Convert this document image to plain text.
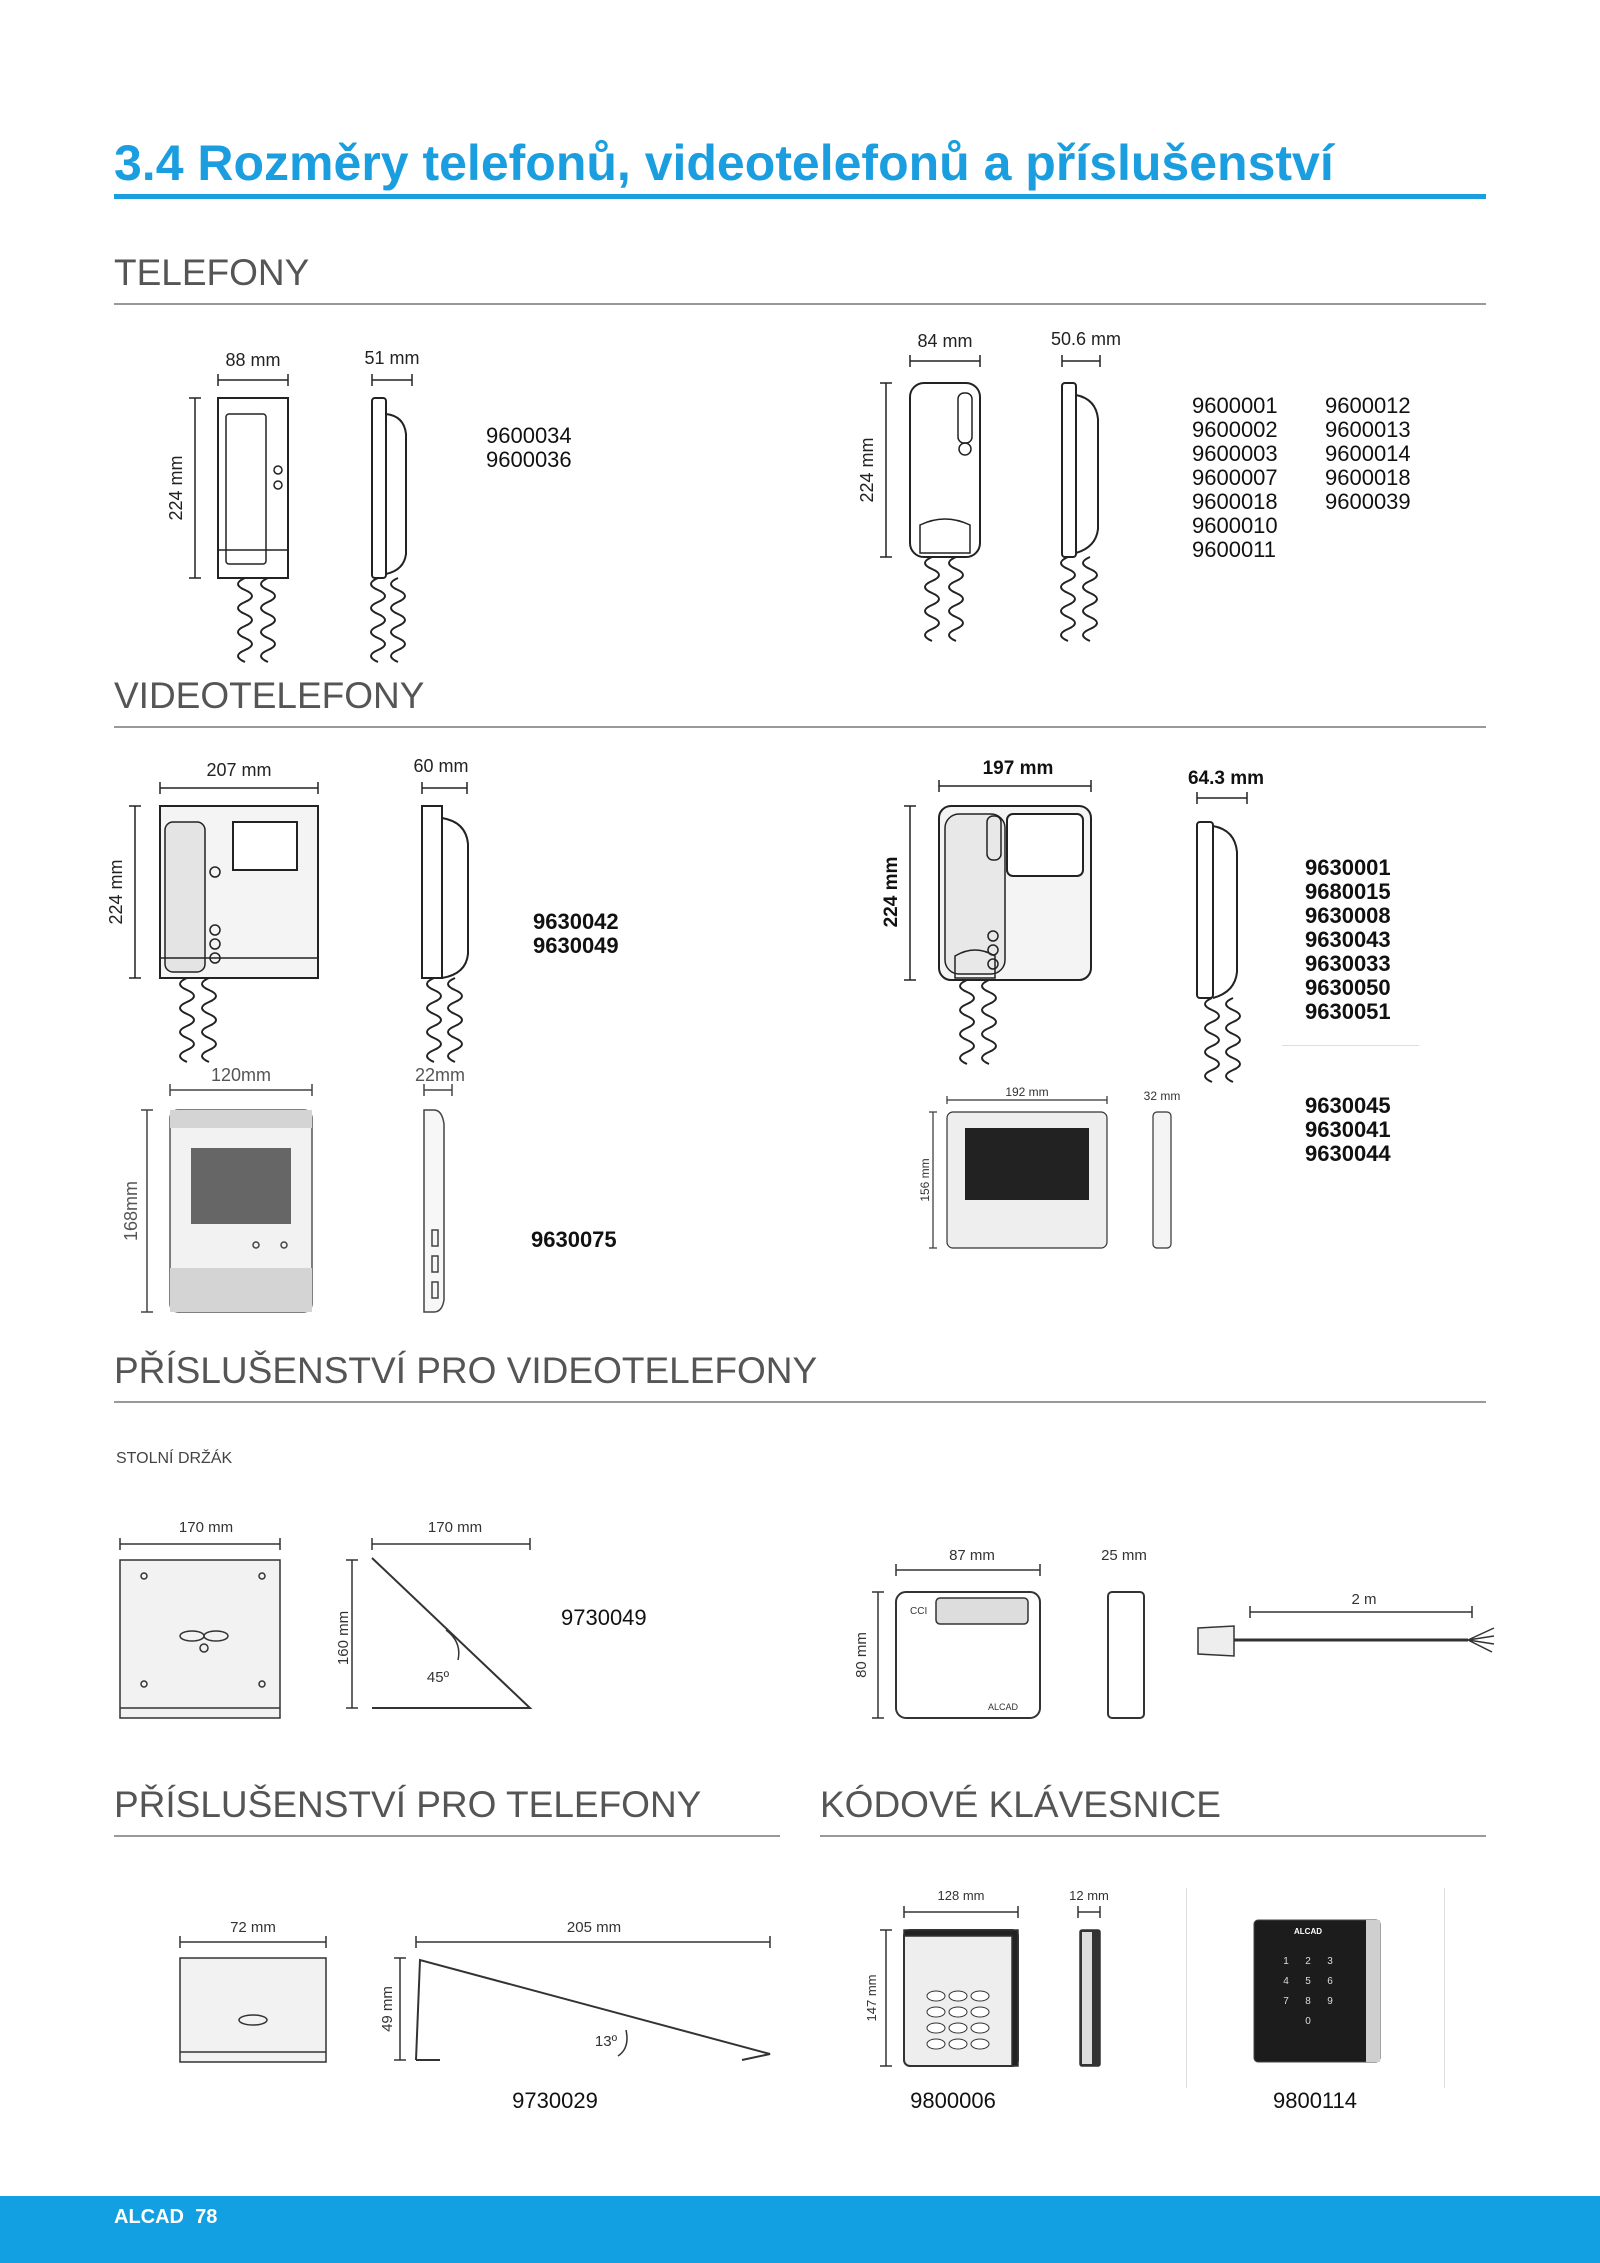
3.4 Rozměry telefonů, videotelefonů a příslušenství
TELEFONY
88 mm	51 mm
224 mm
9600034
9600036
84 mm	50.6 mm
224 mm
9600001
9600002
9600003
9600007
9600018
9600010
9600011
9600012
9600013
9600014
9600018
9600039
VIDEOTELEFONY
207 mm	60 mm
224 mm	9630042
9630049
197 mm	64.3 mm
224 mm	9630001
9680015
9630008
9630043
9630033
9630050
9630051
120mm	22mm
168mm	9630075
192 mm	32 mm
156 mm
9630045
9630041
9630044
PŘÍSLUŠENSTVÍ PRO VIDEOTELEFONY
STOLNÍ DRŽÁK
170 mm	170 mm
160 mm
45º
9730049
87 mm	25 mm
80 mm
2 m
CCI
ALCAD
PŘÍSLUŠENSTVÍ PRO TELEFONY	KÓDOVÉ KLÁVESNICE
72 mm	205 mm
49 mm
13º
9730029
128 mm	12 mm
147 mm
9800006
1 2 3
4 5 6
7 8 9
0
ALCAD
9800114
ALCAD 78
